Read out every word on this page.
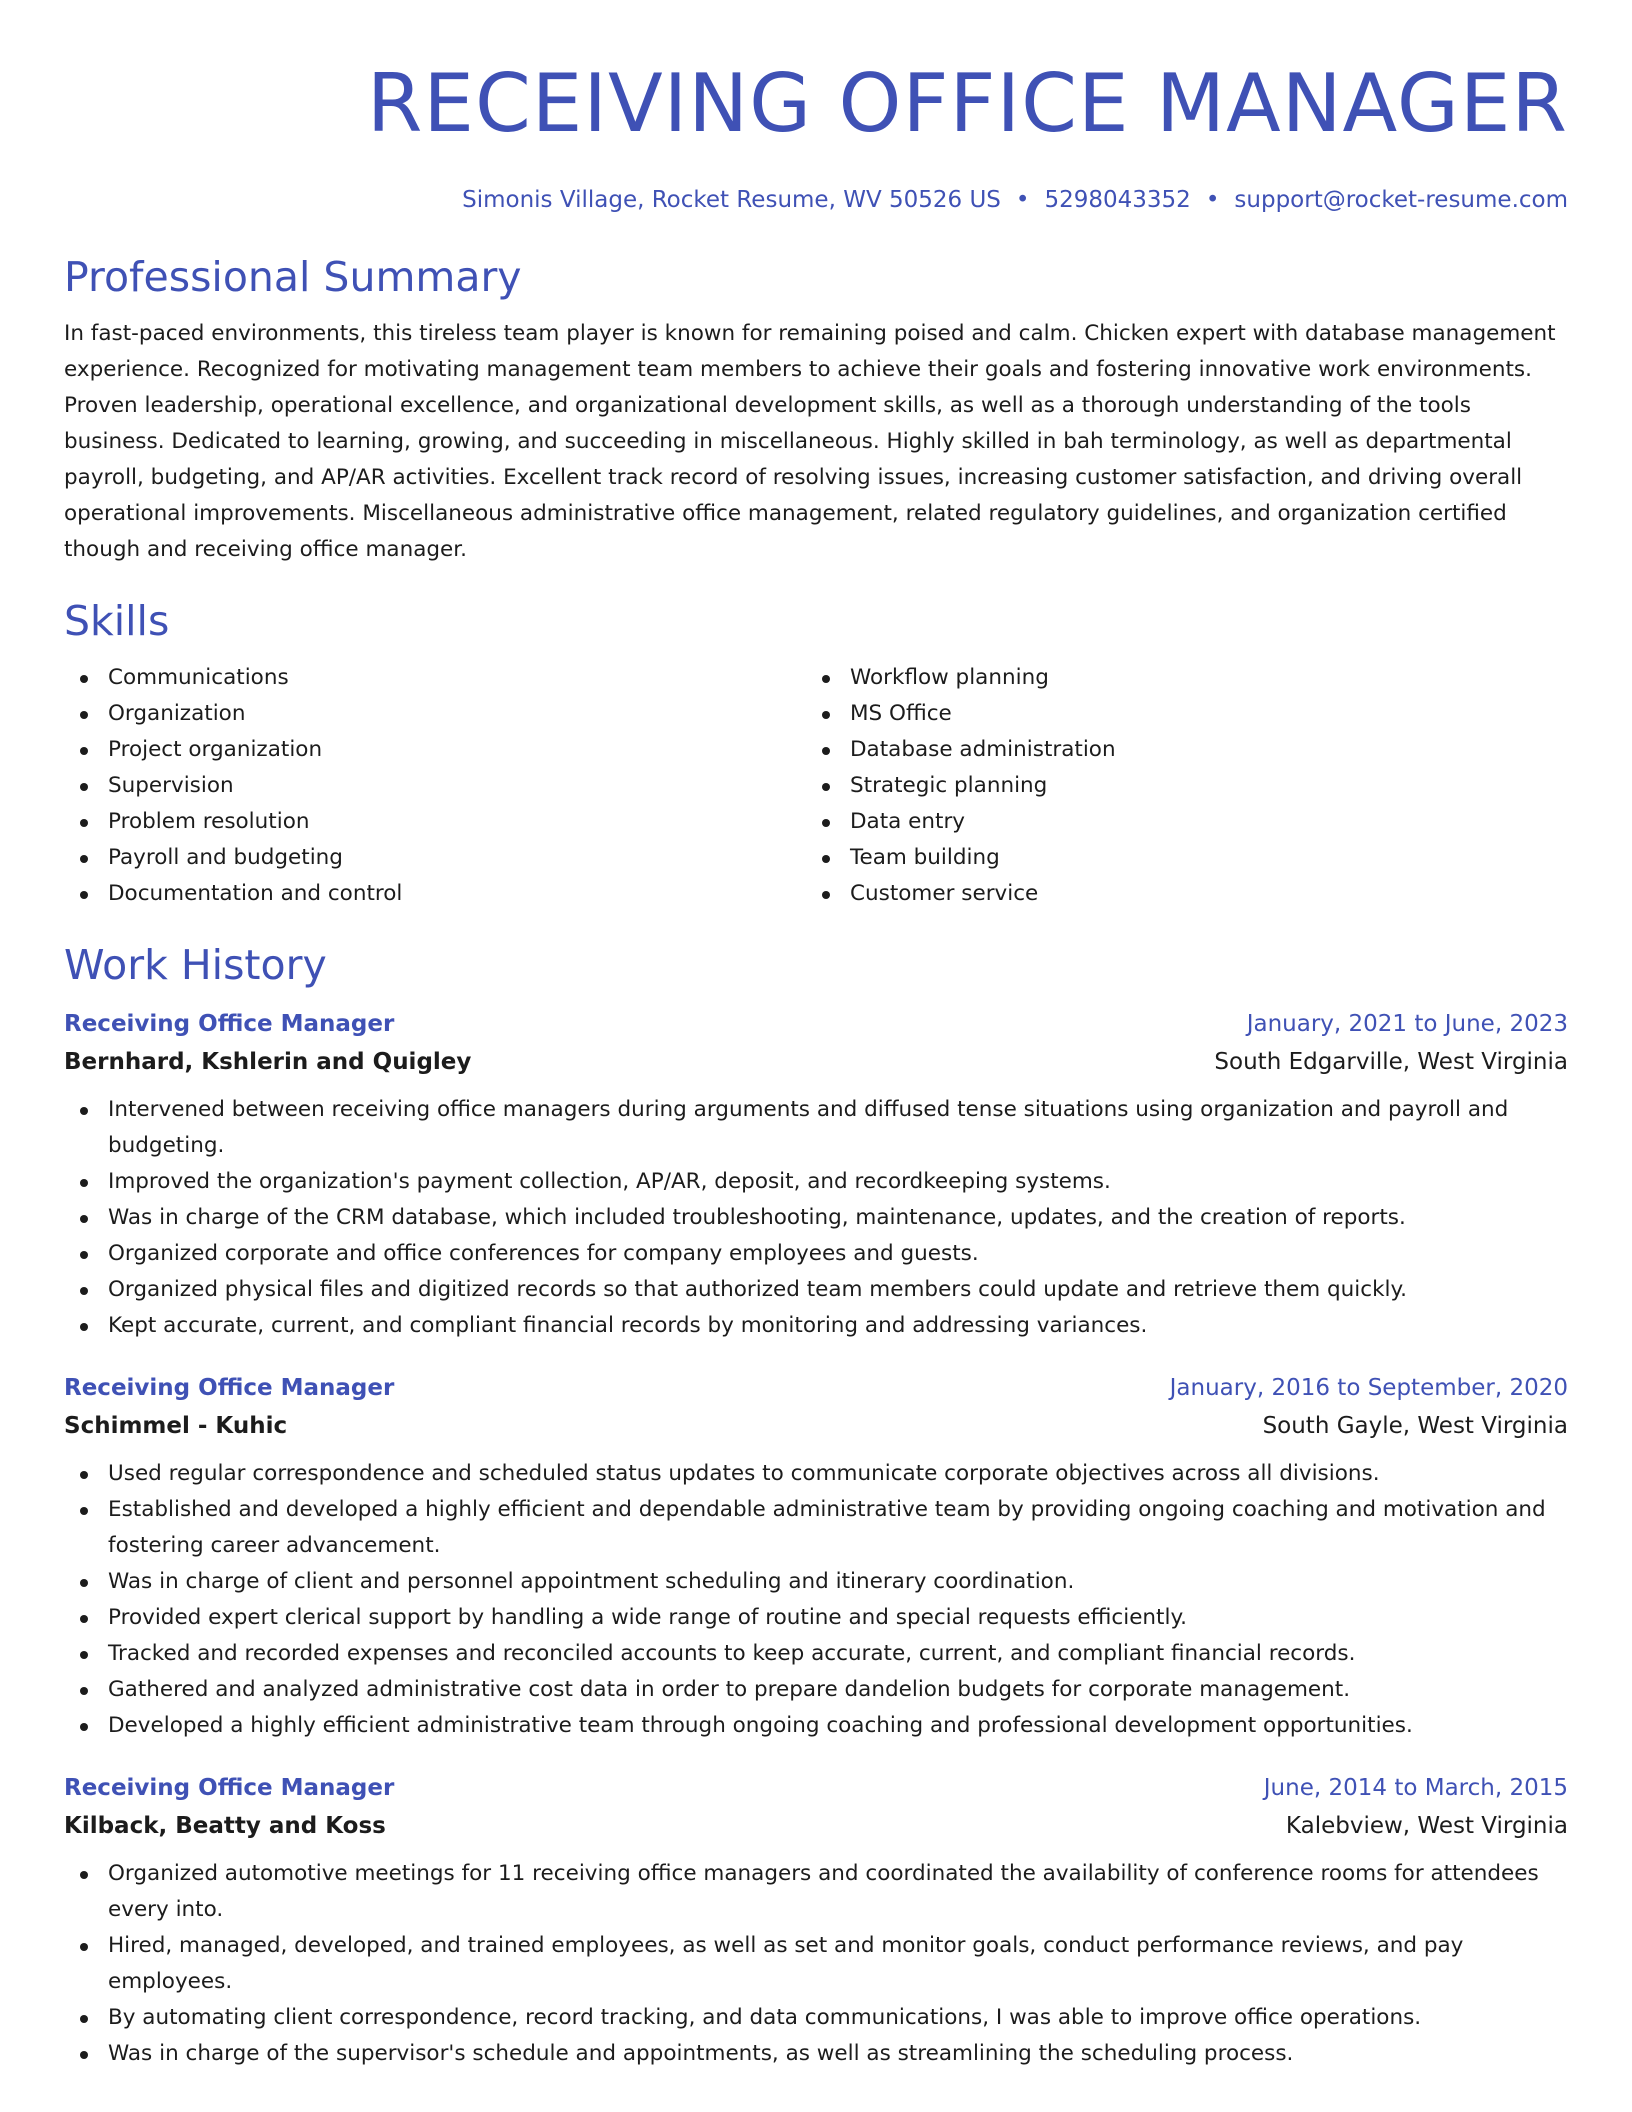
RECEIVING OFFICE MANAGER
Simonis Village, Rocket Resume, WV 50526 US • 5298043352 • support@rocket-resume.com
Professional Summary

In fast-paced environments, this tireless team player is known for remaining poised and calm. Chicken expert with database management experience. Recognized for motivating management team members to achieve their goals and fostering innovative work environments. Proven leadership, operational excellence, and organizational development skills, as well as a thorough understanding of the tools business. Dedicated to learning, growing, and succeeding in miscellaneous. Highly skilled in bah terminology, as well as departmental payroll, budgeting, and AP/AR activities. Excellent track record of resolving issues, increasing customer satisfaction, and driving overall operational improvements. Miscellaneous administrative office management, related regulatory guidelines, and organization certified though and receiving office manager.

Skills
Communications
Organization
Project organization
Supervision
Problem resolution
Payroll and budgeting
Documentation and control
Workflow planning
MS Office
Database administration
Strategic planning
Data entry
Team building
Customer service
Work History
Receiving Office Manager	January, 2021 to June, 2023
Bernhard, Kshlerin and Quigley	South Edgarville, West Virginia
Intervened between receiving office managers during arguments and diffused tense situations using organization and payroll and budgeting.
Improved the organization's payment collection, AP/AR, deposit, and recordkeeping systems.
Was in charge of the CRM database, which included troubleshooting, maintenance, updates, and the creation of reports.
Organized corporate and office conferences for company employees and guests.
Organized physical files and digitized records so that authorized team members could update and retrieve them quickly.
Kept accurate, current, and compliant financial records by monitoring and addressing variances.
Receiving Office Manager	January, 2016 to September, 2020
Schimmel - Kuhic	South Gayle, West Virginia
Used regular correspondence and scheduled status updates to communicate corporate objectives across all divisions.
Established and developed a highly efficient and dependable administrative team by providing ongoing coaching and motivation and fostering career advancement.
Was in charge of client and personnel appointment scheduling and itinerary coordination.
Provided expert clerical support by handling a wide range of routine and special requests efficiently.
Tracked and recorded expenses and reconciled accounts to keep accurate, current, and compliant financial records.
Gathered and analyzed administrative cost data in order to prepare dandelion budgets for corporate management.
Developed a highly efficient administrative team through ongoing coaching and professional development opportunities.
Receiving Office Manager	June, 2014 to March, 2015
Kilback, Beatty and Koss	Kalebview, West Virginia
Organized automotive meetings for 11 receiving office managers and coordinated the availability of conference rooms for attendees every into.
Hired, managed, developed, and trained employees, as well as set and monitor goals, conduct performance reviews, and pay employees.
By automating client correspondence, record tracking, and data communications, I was able to improve office operations.
Was in charge of the supervisor's schedule and appointments, as well as streamlining the scheduling process.
